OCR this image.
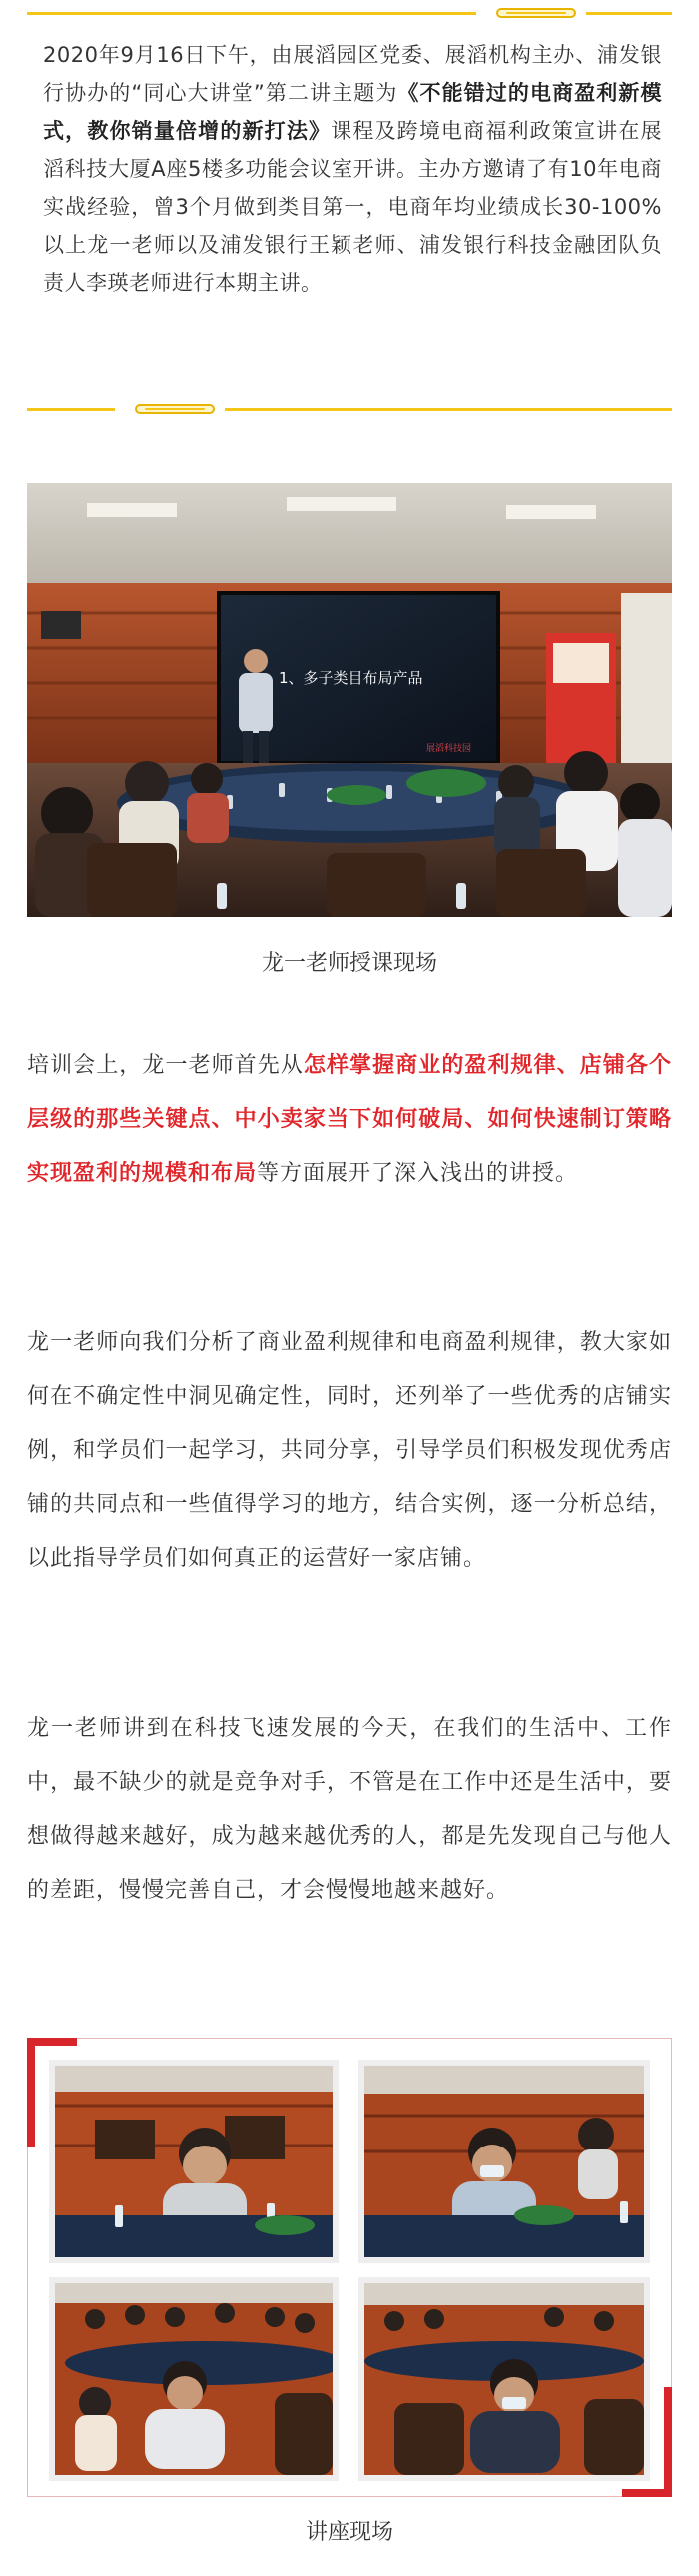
2020年9月16日下午，由展滔园区党委、展滔机构主办、浦发银行协办的“同心大讲堂”第二讲主题为《不能错过的电商盈利新模式，教你销量倍增的新打法》课程及跨境电商福利政策宣讲在展滔科技大厦A座5楼多功能会议室开讲。主办方邀请了有10年电商实战经验，曾3个月做到类目第一，电商年均业绩成长30-100%以上龙一老师以及浦发银行王颖老师、浦发银行科技金融团队负责人李瑛老师进行本期主讲。

1、多子类目布局产品
展滔科技园
龙一老师授课现场

培训会上，龙一老师首先从怎样掌握商业的盈利规律、店铺各个层级的那些关键点、中小卖家当下如何破局、如何快速制订策略实现盈利的规模和布局等方面展开了深入浅出的讲授。

龙一老师向我们分析了商业盈利规律和电商盈利规律，教大家如何在不确定性中洞见确定性，同时，还列举了一些优秀的店铺实例，和学员们一起学习，共同分享，引导学员们积极发现优秀店铺的共同点和一些值得学习的地方，结合实例，逐一分析总结，以此指导学员们如何真正的运营好一家店铺。

龙一老师讲到在科技飞速发展的今天，在我们的生活中、工作中，最不缺少的就是竞争对手，不管是在工作中还是生活中，要想做得越来越好，成为越来越优秀的人，都是先发现自己与他人的差距，慢慢完善自己，才会慢慢地越来越好。

讲座现场
